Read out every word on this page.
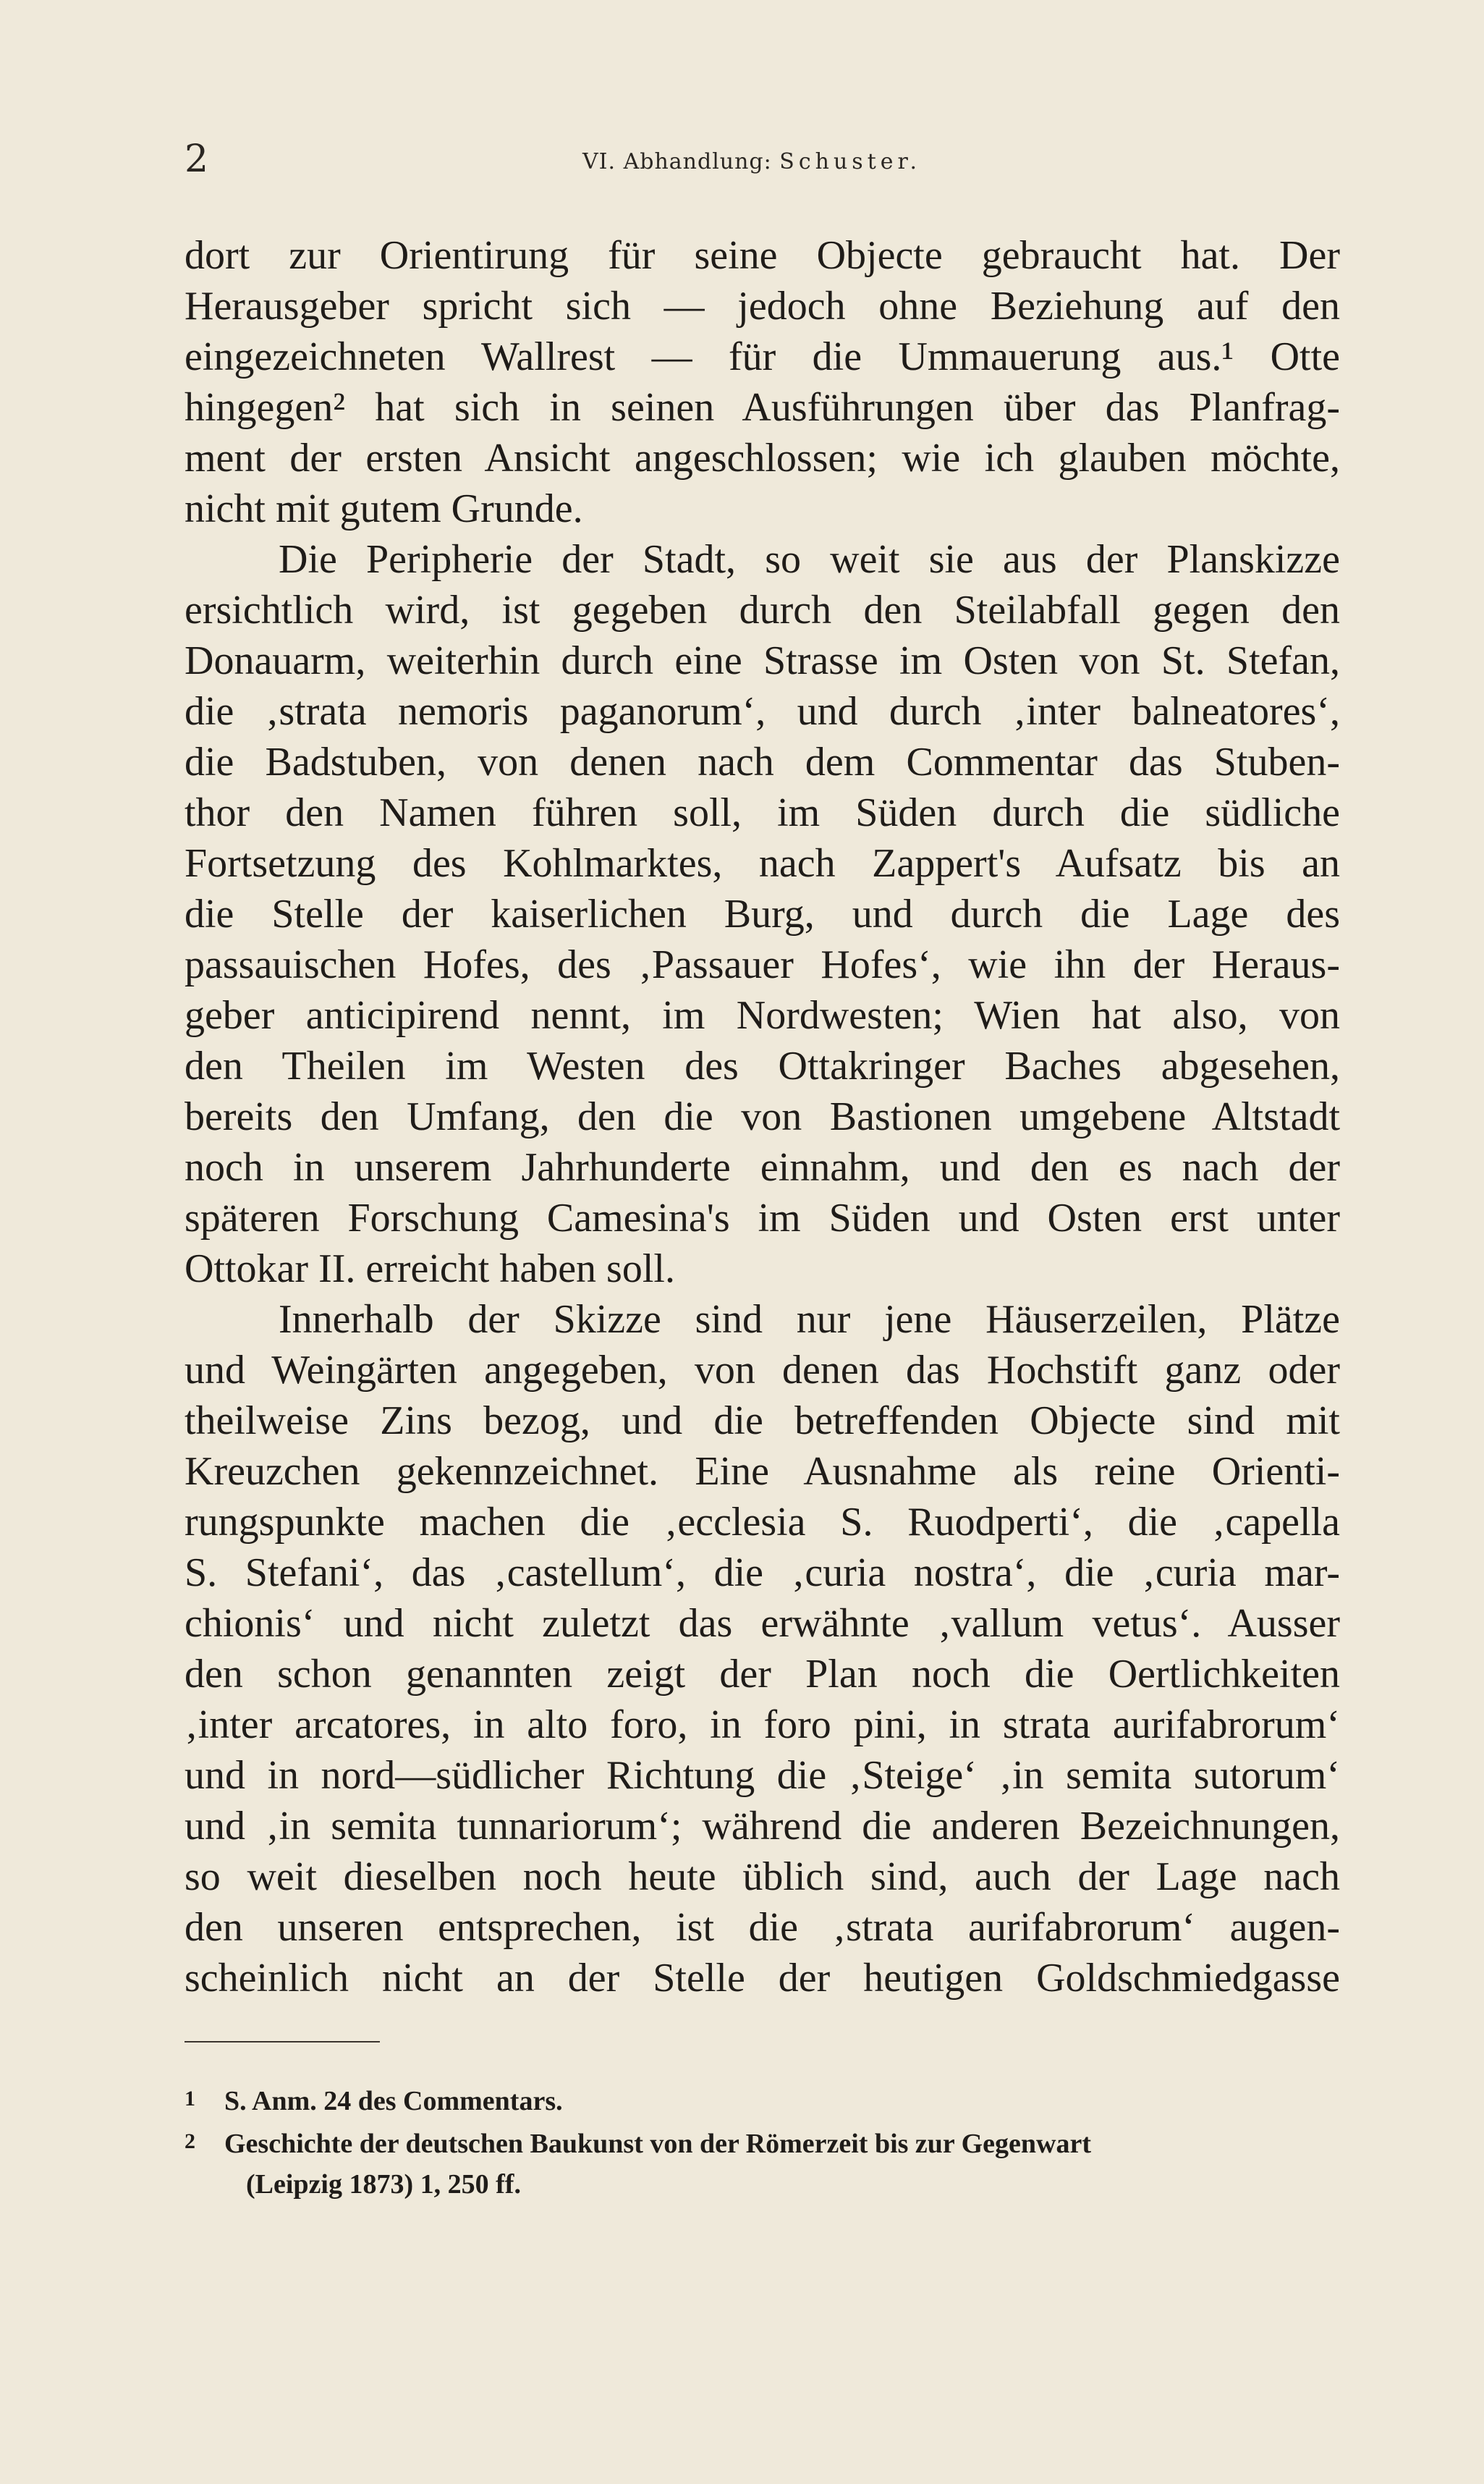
2	VI. Abhandlung: Schuster.
dort zur Orientirung für seine Objecte gebraucht hat. Der
Herausgeber spricht sich — jedoch ohne Beziehung auf den
eingezeichneten Wallrest — für die Ummauerung aus.¹ Otte
hingegen² hat sich in seinen Ausführungen über das Planfrag-
ment der ersten Ansicht angeschlossen; wie ich glauben möchte,
nicht mit gutem Grunde.
Die Peripherie der Stadt, so weit sie aus der Planskizze
ersichtlich wird, ist gegeben durch den Steilabfall gegen den
Donauarm, weiterhin durch eine Strasse im Osten von St. Stefan,
die ‚strata nemoris paganorum‘, und durch ‚inter balneatores‘,
die Badstuben, von denen nach dem Commentar das Stuben-
thor den Namen führen soll, im Süden durch die südliche
Fortsetzung des Kohlmarktes, nach Zappert's Aufsatz bis an
die Stelle der kaiserlichen Burg, und durch die Lage des
passauischen Hofes, des ‚Passauer Hofes‘, wie ihn der Heraus-
geber anticipirend nennt, im Nordwesten; Wien hat also, von
den Theilen im Westen des Ottakringer Baches abgesehen,
bereits den Umfang, den die von Bastionen umgebene Altstadt
noch in unserem Jahrhunderte einnahm, und den es nach der
späteren Forschung Camesina's im Süden und Osten erst unter
Ottokar II. erreicht haben soll.
Innerhalb der Skizze sind nur jene Häuserzeilen, Plätze
und Weingärten angegeben, von denen das Hochstift ganz oder
theilweise Zins bezog, und die betreffenden Objecte sind mit
Kreuzchen gekennzeichnet. Eine Ausnahme als reine Orienti-
rungspunkte machen die ‚ecclesia S. Ruodperti‘, die ‚capella
S. Stefani‘, das ‚castellum‘, die ‚curia nostra‘, die ‚curia mar-
chionis‘ und nicht zuletzt das erwähnte ‚vallum vetus‘. Ausser
den schon genannten zeigt der Plan noch die Oertlichkeiten
‚inter arcatores, in alto foro, in foro pini, in strata aurifabrorum‘
und in nord—südlicher Richtung die ‚Steige‘ ‚in semita sutorum‘
und ‚in semita tunnariorum‘; während die anderen Bezeichnungen,
so weit dieselben noch heute üblich sind, auch der Lage nach
den unseren entsprechen, ist die ‚strata aurifabrorum‘ augen-
scheinlich nicht an der Stelle der heutigen Goldschmiedgasse
1 S. Anm. 24 des Commentars.
2 Geschichte der deutschen Baukunst von der Römerzeit bis zur Gegenwart
(Leipzig 1873) 1, 250 ff.
